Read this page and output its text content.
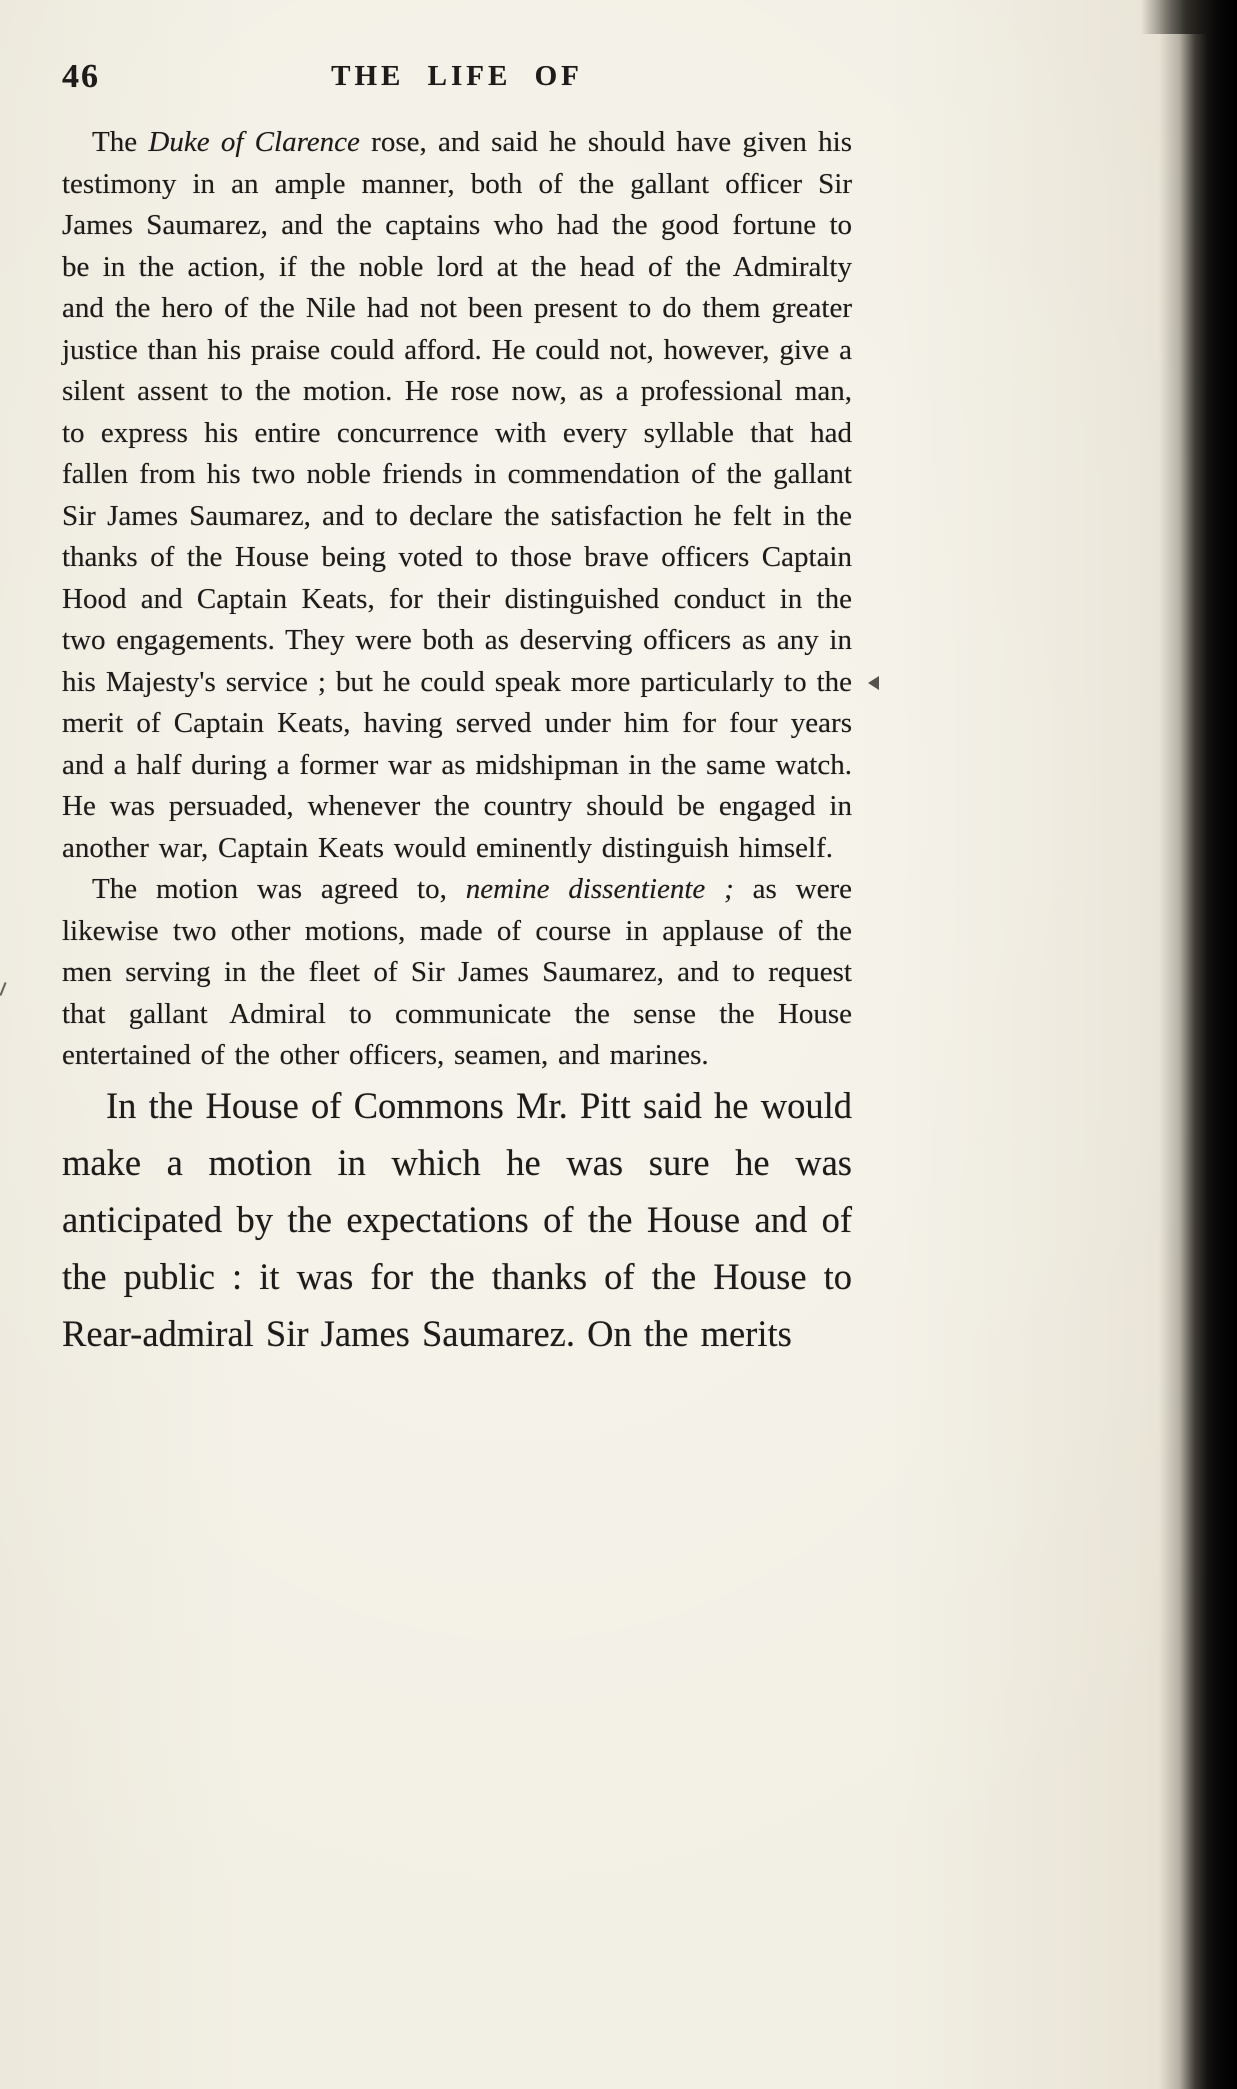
46	THE LIFE OF

The Duke of Clarence rose, and said he should have given his testimony in an ample manner, both of the gallant officer Sir James Saumarez, and the captains who had the good fortune to be in the action, if the noble lord at the head of the Admiralty and the hero of the Nile had not been present to do them greater justice than his praise could afford. He could not, however, give a silent assent to the motion. He rose now, as a professional man, to express his entire concurrence with every syllable that had fallen from his two noble friends in commendation of the gallant Sir James Saumarez, and to declare the satisfaction he felt in the thanks of the House being voted to those brave officers Captain Hood and Captain Keats, for their distinguished conduct in the two engagements. They were both as deserving officers as any in his Majesty's service ; but he could speak more particularly to the merit of Captain Keats, having served under him for four years and a half during a former war as midshipman in the same watch. He was persuaded, whenever the country should be engaged in another war, Captain Keats would eminently distinguish himself.

The motion was agreed to, nemine dissentiente ; as were likewise two other motions, made of course in applause of the men serving in the fleet of Sir James Saumarez, and to request that gallant Admiral to communicate the sense the House entertained of the other officers, seamen, and marines.

In the House of Commons Mr. Pitt said he would make a motion in which he was sure he was anticipated by the expectations of the House and of the public : it was for the thanks of the House to Rear-admiral Sir James Saumarez. On the merits
